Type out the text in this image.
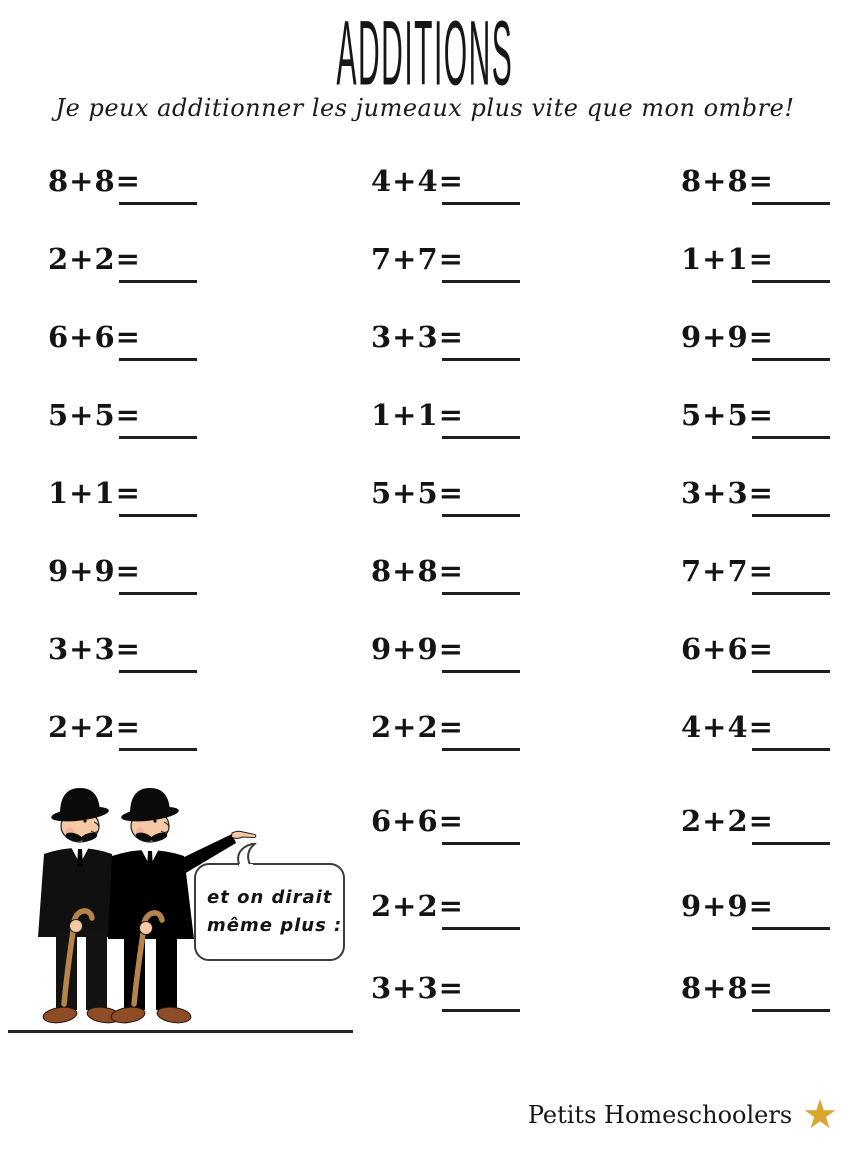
ADDITIONS
Je peux additionner les jumeaux plus vite que mon ombre!
8+8=
2+2=
6+6=
5+5=
1+1=
9+9=
3+3=
2+2=
4+4=
7+7=
3+3=
1+1=
5+5=
8+8=
9+9=
2+2=
6+6=
2+2=
3+3=
8+8=
1+1=
9+9=
5+5=
3+3=
7+7=
6+6=
4+4=
2+2=
9+9=
8+8=
et on dirait
même plus :
Petits Homeschoolers ★
